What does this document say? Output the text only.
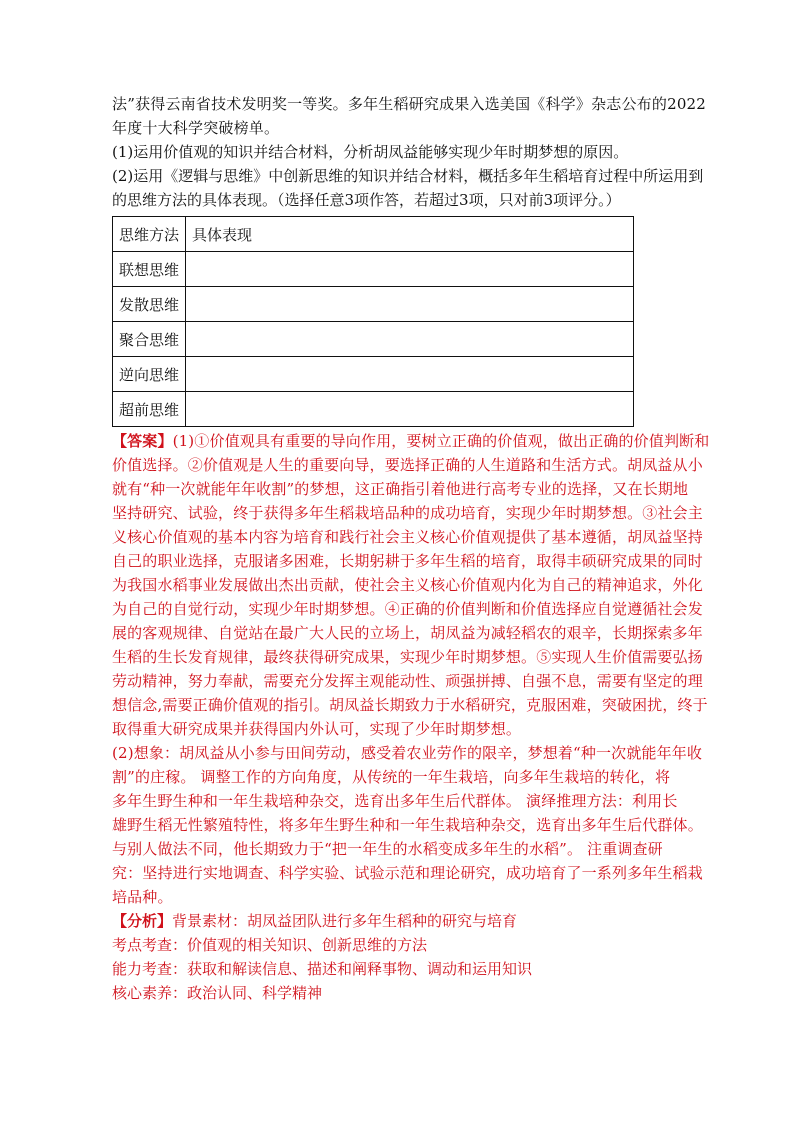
法”获得云南省技术发明奖一等奖。多年生稻研究成果入选美国《科学》杂志公布的2022
年度十大科学突破榜单。
(1)运用价值观的知识并结合材料，分析胡凤益能够实现少年时期梦想的原因。
(2)运用《逻辑与思维》中创新思维的知识并结合材料，概括多年生稻培育过程中所运用到
的思维方法的具体表现。（选择任意3项作答，若超过3项，只对前3项评分。）
思维方法	具体表现
联想思维	
发散思维	
聚合思维	
逆向思维	
超前思维	
【答案】(1)①价值观具有重要的导向作用，要树立正确的价值观，做出正确的价值判断和
价值选择。②价值观是人生的重要向导，要选择正确的人生道路和生活方式。胡凤益从小
就有“种一次就能年年收割”的梦想，这正确指引着他进行高考专业的选择，又在长期地
坚持研究、试验，终于获得多年生稻栽培品种的成功培育，实现少年时期梦想。③社会主
义核心价值观的基本内容为培育和践行社会主义核心价值观提供了基本遵循，胡凤益坚持
自己的职业选择，克服诸多困难，长期躬耕于多年生稻的培育，取得丰硕研究成果的同时
为我国水稻事业发展做出杰出贡献，使社会主义核心价值观内化为自己的精神追求，外化
为自己的自觉行动，实现少年时期梦想。④正确的价值判断和价值选择应自觉遵循社会发
展的客观规律、自觉站在最广大人民的立场上，胡凤益为减轻稻农的艰辛，长期探索多年
生稻的生长发育规律，最终获得研究成果，实现少年时期梦想。⑤实现人生价值需要弘扬
劳动精神，努力奉献，需要充分发挥主观能动性、顽强拼搏、自强不息，需要有坚定的理
想信念,需要正确价值观的指引。胡凤益长期致力于水稻研究，克服困难，突破困扰，终于
取得重大研究成果并获得国内外认可，实现了少年时期梦想。
(2)想象：胡凤益从小参与田间劳动，感受着农业劳作的限辛，梦想着“种一次就能年年收
割”的庄稼。 调整工作的方向角度，从传统的一年生栽培，向多年生栽培的转化，将
多年生野生种和一年生栽培种杂交，选育出多年生后代群体。 演绎推理方法：利用长
雄野生稻无性繁殖特性，将多年生野生种和一年生栽培种杂交，选育出多年生后代群体。
与别人做法不同，他长期致力于“把一年生的水稻变成多年生的水稻”。 注重调查研
究：坚持进行实地调查、科学实验、试验示范和理论研究，成功培育了一系列多年生稻栽
培品种。
【分析】背景素材：胡凤益团队进行多年生稻种的研究与培育
考点考查：价值观的相关知识、创新思维的方法
能力考查：获取和解读信息、描述和阐释事物、调动和运用知识
核心素养：政治认同、科学精神
